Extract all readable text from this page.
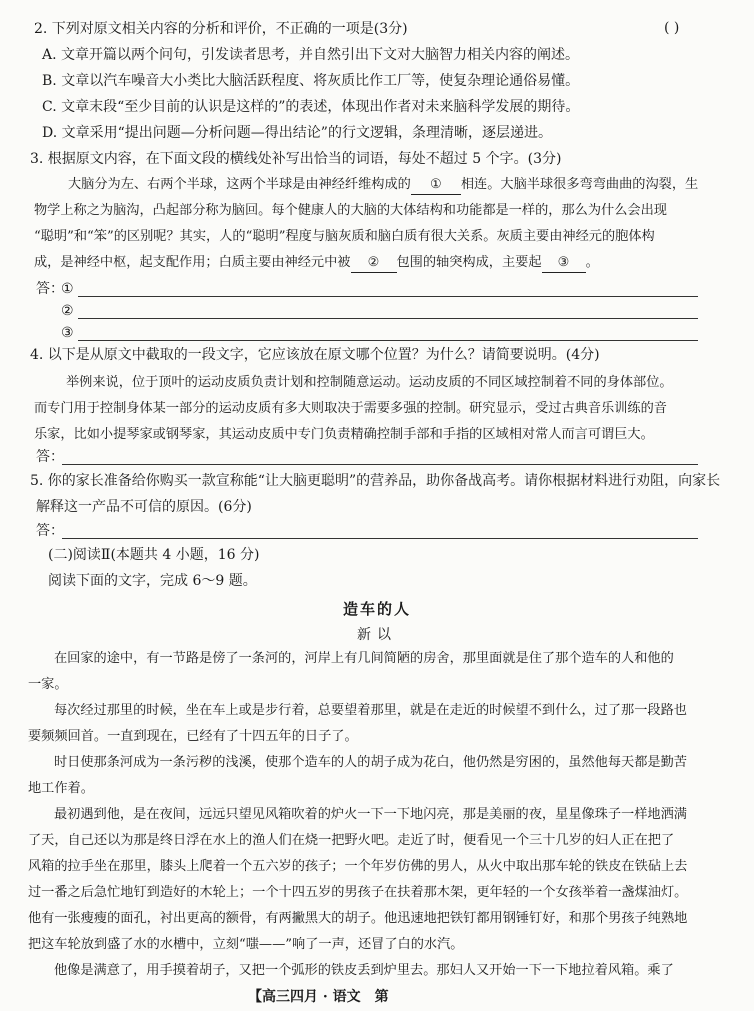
2. 下列对原文相关内容的分析和评价，不正确的一项是(3分)	( )
A. 文章开篇以两个问句，引发读者思考，并自然引出下文对大脑智力相关内容的阐述。
B. 文章以汽车噪音大小类比大脑活跃程度、将灰质比作工厂等，使复杂理论通俗易懂。
C. 文章末段“至少目前的认识是这样的”的表述，体现出作者对未来脑科学发展的期待。
D. 文章采用“提出问题—分析问题—得出结论”的行文逻辑，条理清晰，逐层递进。
3. 根据原文内容，在下面文段的横线处补写出恰当的词语，每处不超过 5 个字。(3分)
大脑分为左、右两个半球，这两个半球是由神经纤维构成的 ① 相连。大脑半球很多弯弯曲曲的沟裂，生
物学上称之为脑沟，凸起部分称为脑回。每个健康人的大脑的大体结构和功能都是一样的，那么为什么会出现
“聪明”和“笨”的区别呢？其实，人的“聪明”程度与脑灰质和脑白质有很大关系。灰质主要由神经元的胞体构
成，是神经中枢，起支配作用；白质主要由神经元中被 ② 包围的轴突构成，主要起 ③ 。
答：
①
②
③
4. 以下是从原文中截取的一段文字，它应该放在原文哪个位置？为什么？请简要说明。(4分)
举例来说，位于顶叶的运动皮质负责计划和控制随意运动。运动皮质的不同区域控制着不同的身体部位。
而专门用于控制身体某一部分的运动皮质有多大则取决于需要多强的控制。研究显示，受过古典音乐训练的音
乐家，比如小提琴家或钢琴家，其运动皮质中专门负责精确控制手部和手指的区域相对常人而言可谓巨大。
答：
5. 你的家长准备给你购买一款宣称能“让大脑更聪明”的营养品，助你备战高考。请你根据材料进行劝阻，向家长
解释这一产品不可信的原因。(6分)
答：
(二)阅读Ⅱ(本题共 4 小题，16 分)
阅读下面的文字，完成 6～9 题。
造车的人
新以
在回家的途中，有一节路是傍了一条河的，河岸上有几间简陋的房舍，那里面就是住了那个造车的人和他的
一家。
每次经过那里的时候，坐在车上或是步行着，总要望着那里，就是在走近的时候望不到什么，过了那一段路也
要频频回首。一直到现在，已经有了十四五年的日子了。
时日使那条河成为一条污秽的浅溪，使那个造车的人的胡子成为花白，他仍然是穷困的，虽然他每天都是勤苦
地工作着。
最初遇到他，是在夜间，远远只望见风箱吹着的炉火一下一下地闪亮，那是美丽的夜，星星像珠子一样地洒满
了天，自己还以为那是终日浮在水上的渔人们在烧一把野火吧。走近了时，便看见一个三十几岁的妇人正在把了
风箱的拉手坐在那里，膝头上爬着一个五六岁的孩子；一个年岁仿佛的男人，从火中取出那车轮的铁皮在铁砧上去
过一番之后急忙地钉到造好的木轮上；一个十四五岁的男孩子在扶着那木架，更年轻的一个女孩举着一盏煤油灯。
他有一张瘦瘦的面孔，衬出更高的额骨，有两撇黑大的胡子。他迅速地把铁钉都用钢锤钉好，和那个男孩子纯熟地
把这车轮放到盛了水的水槽中，立刻“嗤——”响了一声，还冒了白的水汽。
他像是满意了，用手摸着胡子，又把一个弧形的铁皮丢到炉里去。那妇人又开始一下一下地拉着风箱。乘了
【高三四月 · 语文　第
